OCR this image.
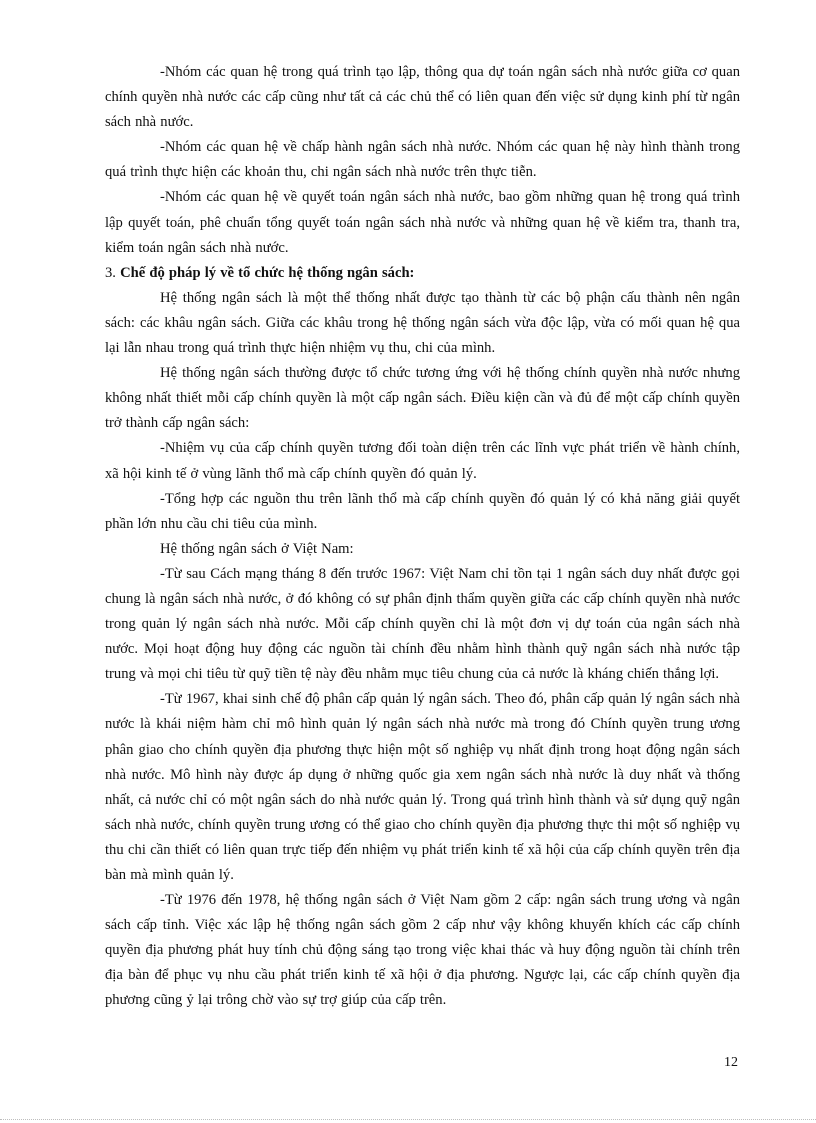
-Nhóm các quan hệ trong quá trình tạo lập, thông qua dự toán ngân sách nhà nước giữa cơ quan chính quyền nhà nước các cấp cũng như tất cả các chủ thể có liên quan đến việc sử dụng kinh phí từ ngân sách nhà nước.

-Nhóm các quan hệ về chấp hành ngân sách nhà nước. Nhóm các quan hệ này hình thành trong quá trình thực hiện các khoản thu, chi ngân sách nhà nước trên thực tiễn.

-Nhóm các quan hệ về quyết toán ngân sách nhà nước, bao gồm những quan hệ trong quá trình lập quyết toán, phê chuẩn tổng quyết toán ngân sách nhà nước và những quan hệ về kiểm tra, thanh tra, kiểm toán ngân sách nhà nước.

3. Chế độ pháp lý về tổ chức hệ thống ngân sách:

Hệ thống ngân sách là một thể thống nhất được tạo thành từ các bộ phận cấu thành nên ngân sách: các khâu ngân sách. Giữa các khâu trong hệ thống ngân sách vừa độc lập, vừa có mối quan hệ qua lại lẫn nhau trong quá trình thực hiện nhiệm vụ thu, chi của mình.

Hệ thống ngân sách thường được tổ chức tương ứng với hệ thống chính quyền nhà nước nhưng không nhất thiết mỗi cấp chính quyền là một cấp ngân sách. Điều kiện cần và đủ để một cấp chính quyền trở thành cấp ngân sách:

-Nhiệm vụ của cấp chính quyền tương đối toàn diện trên các lĩnh vực phát triển về hành chính, xã hội kinh tế ở vùng lãnh thổ mà cấp chính quyền đó quản lý.

-Tổng hợp các nguồn thu trên lãnh thổ mà cấp chính quyền đó quản lý có khả năng giải quyết phần lớn nhu cầu chi tiêu của mình.

Hệ thống ngân sách ở Việt Nam:

-Từ sau Cách mạng tháng 8 đến trước 1967: Việt Nam chỉ tồn tại 1 ngân sách duy nhất được gọi chung là ngân sách nhà nước, ở đó không có sự phân định thẩm quyền giữa các cấp chính quyền nhà nước trong quản lý ngân sách nhà nước. Mỗi cấp chính quyền chỉ là một đơn vị dự toán của ngân sách nhà nước. Mọi hoạt động huy động các nguồn tài chính đều nhằm hình thành quỹ ngân sách nhà nước tập trung và mọi chi tiêu từ quỹ tiền tệ này đều nhằm mục tiêu chung của cả nước là kháng chiến thắng lợi.

-Từ 1967, khai sinh chế độ phân cấp quản lý ngân sách. Theo đó, phân cấp quản lý ngân sách nhà nước là khái niệm hàm chỉ mô hình quản lý ngân sách nhà nước mà trong đó Chính quyền trung ương phân giao cho chính quyền địa phương thực hiện một số nghiệp vụ nhất định trong hoạt động ngân sách nhà nước. Mô hình này được áp dụng ở những quốc gia xem ngân sách nhà nước là duy nhất và thống nhất, cả nước chỉ có một ngân sách do nhà nước quản lý. Trong quá trình hình thành và sử dụng quỹ ngân sách nhà nước, chính quyền trung ương có thể giao cho chính quyền địa phương thực thi một số nghiệp vụ thu chi cần thiết có liên quan trực tiếp đến nhiệm vụ phát triển kinh tế xã hội của cấp chính quyền trên địa bàn mà mình quản lý.

-Từ 1976 đến 1978, hệ thống ngân sách ở Việt Nam gồm 2 cấp: ngân sách trung ương và ngân sách cấp tỉnh. Việc xác lập hệ thống ngân sách gồm 2 cấp như vậy không khuyến khích các cấp chính quyền địa phương phát huy tính chủ động sáng tạo trong việc khai thác và huy động nguồn tài chính trên địa bàn để phục vụ nhu cầu phát triển kinh tế xã hội ở địa phương. Ngược lại, các cấp chính quyền địa phương cũng ỷ lại trông chờ vào sự trợ giúp của cấp trên.

12
